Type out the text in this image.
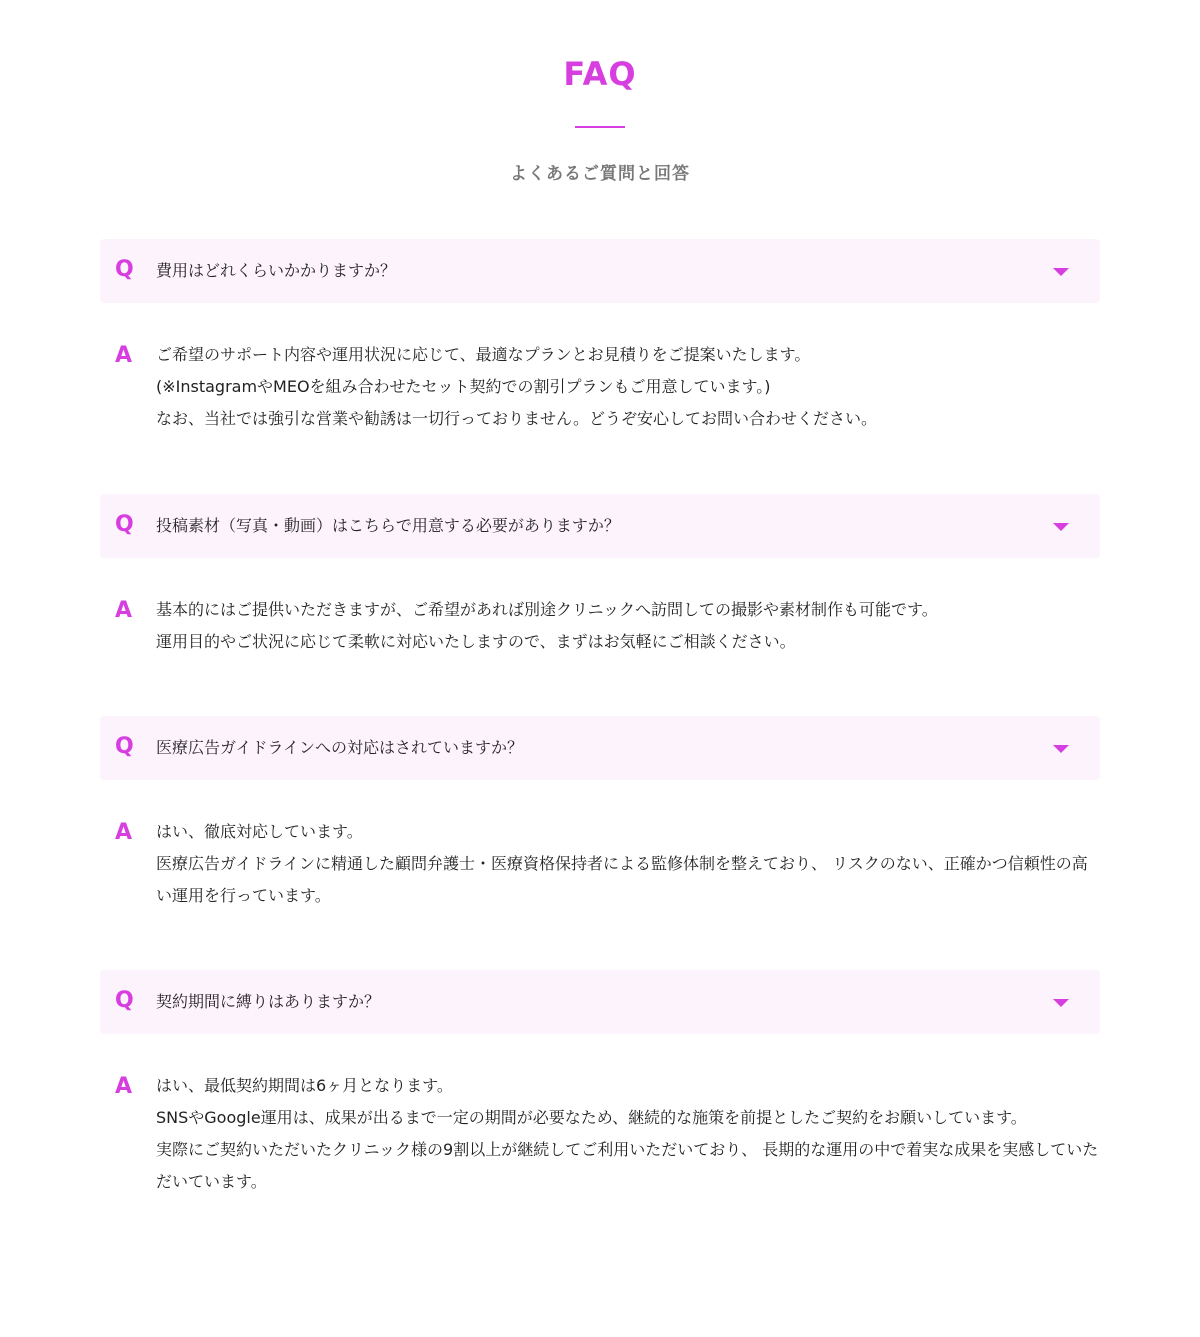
FAQ

よくあるご質問と回答

Q 費用はどれくらいかかりますか？
A ご希望のサポート内容や運用状況に応じて、最適なプランとお見積りをご提案いたします。
(※InstagramやMEOを組み合わせたセット契約での割引プランもご用意しています。)
なお、当社では強引な営業や勧誘は一切行っておりません。どうぞ安心してお問い合わせください。

Q 投稿素材（写真・動画）はこちらで用意する必要がありますか？
A 基本的にはご提供いただきますが、ご希望があれば別途クリニックへ訪問しての撮影や素材制作も可能です。
運用目的やご状況に応じて柔軟に対応いたしますので、まずはお気軽にご相談ください。

Q 医療広告ガイドラインへの対応はされていますか？
A はい、徹底対応しています。
医療広告ガイドラインに精通した顧問弁護士・医療資格保持者による監修体制を整えており、 リスクのない、正確かつ信頼性の高い運用を行っています。

Q 契約期間に縛りはありますか？
A はい、最低契約期間は6ヶ月となります。
SNSやGoogle運用は、成果が出るまで一定の期間が必要なため、継続的な施策を前提としたご契約をお願いしています。
実際にご契約いただいたクリニック様の9割以上が継続してご利用いただいており、 長期的な運用の中で着実な成果を実感していただいています。
